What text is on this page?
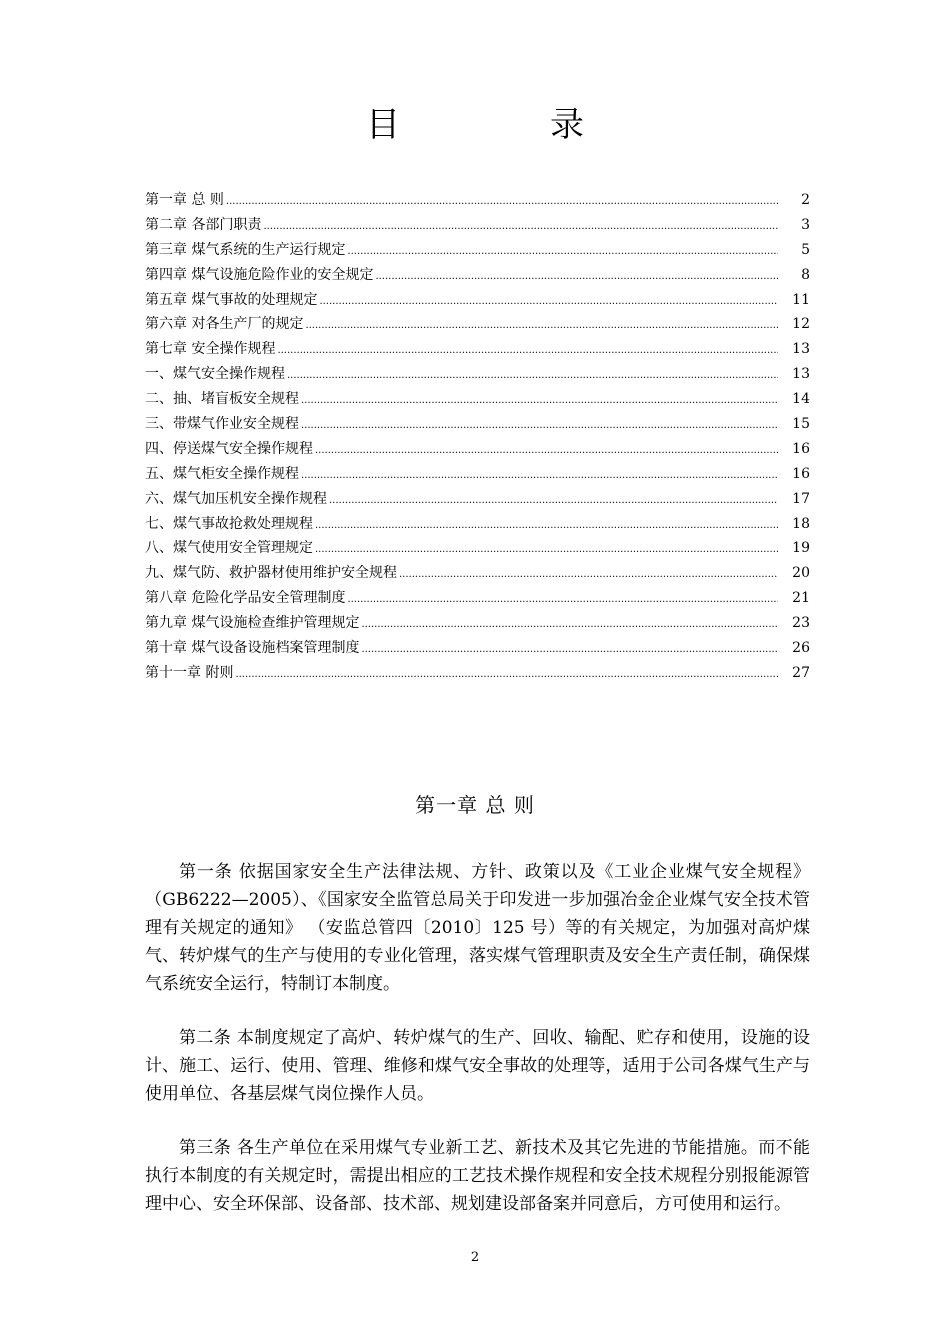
目　录
第一章 总 则 .....	2
第二章 各部门职责 .....	3
第三章 煤气系统的生产运行规定 .....	5
第四章 煤气设施危险作业的安全规定 .....	8
第五章 煤气事故的处理规定 .....	11
第六章 对各生产厂的规定 .....	12
第七章 安全操作规程 .....	13
一、煤气安全操作规程 .....	13
二、抽、堵盲板安全规程 .....	14
三、带煤气作业安全规程 .....	15
四、停送煤气安全操作规程 .....	16
五、煤气柜安全操作规程 .....	16
六、煤气加压机安全操作规程 .....	17
七、煤气事故抢救处理规程 .....	18
八、煤气使用安全管理规定 .....	19
九、煤气防、救护器材使用维护安全规程 .....	20
第八章 危险化学品安全管理制度 .....	21
第九章 煤气设施检查维护管理规定 .....	23
第十章 煤气设备设施档案管理制度 .....	26
第十一章 附则 .....	27
第一章 总 则

第一条 依据国家安全生产法律法规、方针、政策以及《工业企业煤气安全规程》（GB6222—2005）、《国家安全监管总局关于印发进一步加强冶金企业煤气安全技术管理有关规定的通知》 （安监总管四〔2010〕125 号）等的有关规定，为加强对高炉煤气、转炉煤气的生产与使用的专业化管理，落实煤气管理职责及安全生产责任制，确保煤气系统安全运行，特制订本制度。

第二条 本制度规定了高炉、转炉煤气的生产、回收、输配、贮存和使用，设施的设计、施工、运行、使用、管理、维修和煤气安全事故的处理等，适用于公司各煤气生产与使用单位、各基层煤气岗位操作人员。

第三条 各生产单位在采用煤气专业新工艺、新技术及其它先进的节能措施。而不能执行本制度的有关规定时，需提出相应的工艺技术操作规程和安全技术规程分别报能源管理中心、安全环保部、设备部、技术部、规划建设部备案并同意后，方可使用和运行。

2
